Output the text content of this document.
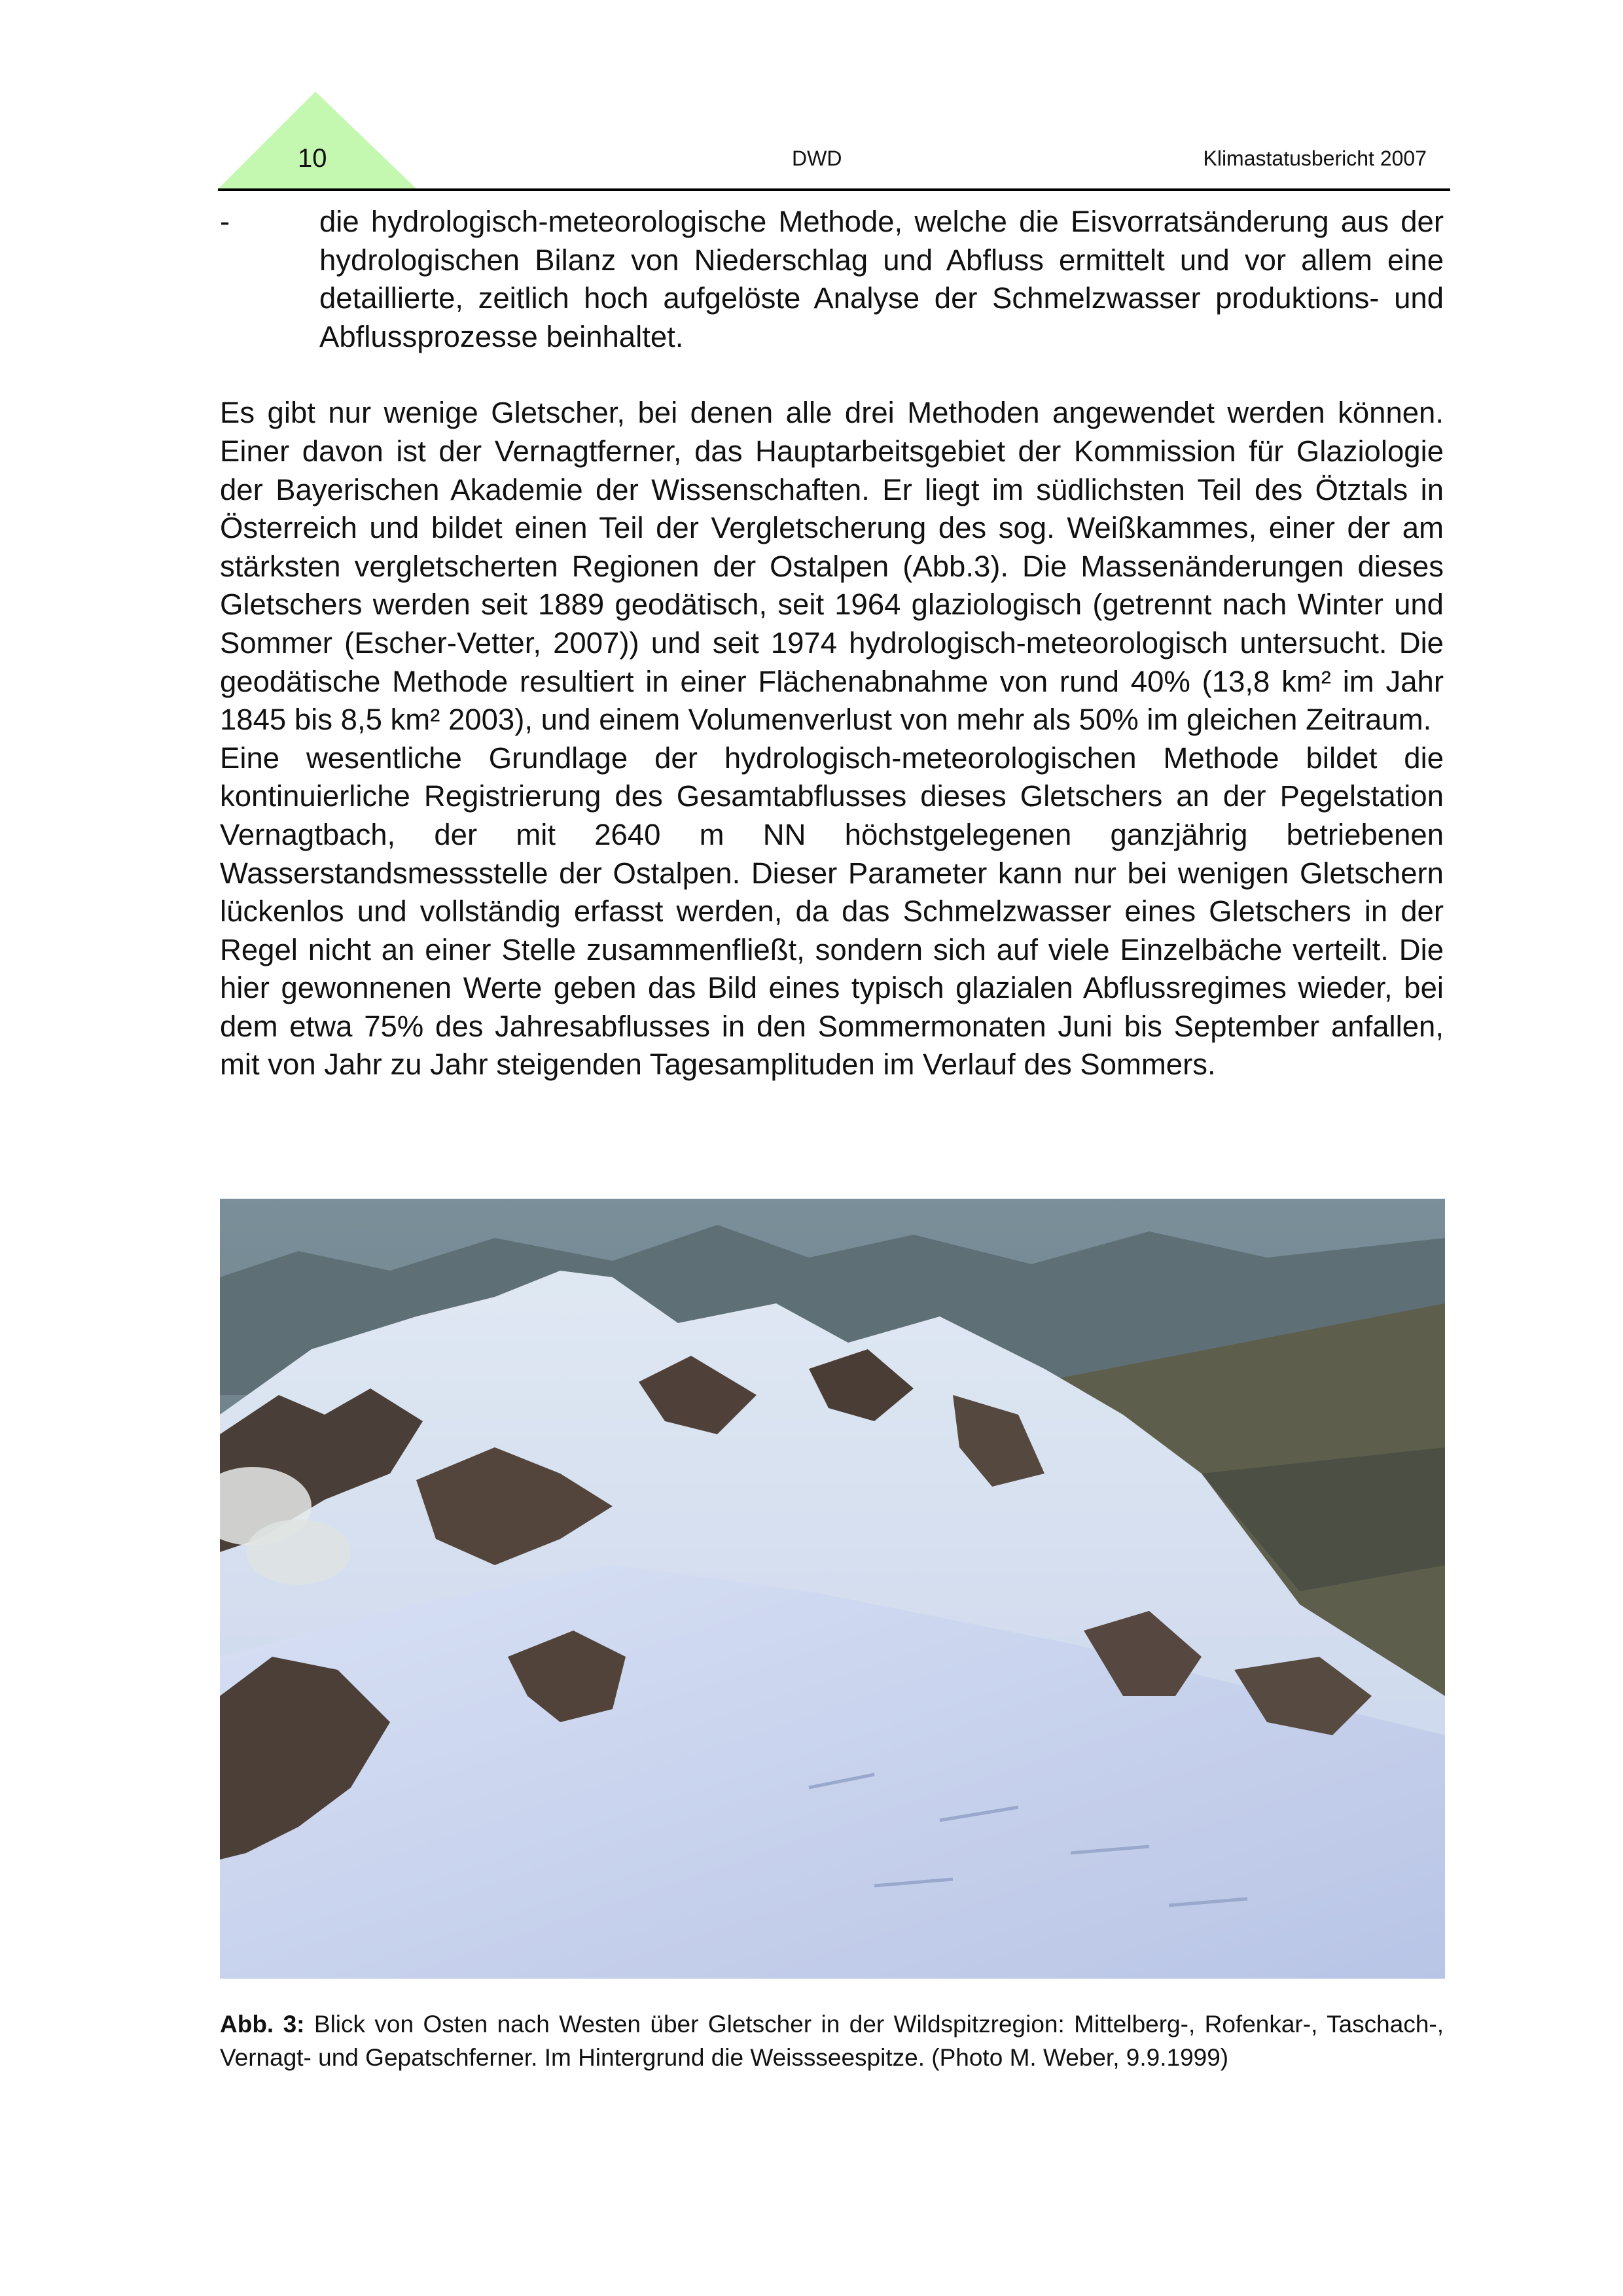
10	DWD	Klimastatusbericht 2007
-	die hydrologisch-meteorologische Methode, welche die Eisvorratsänderung aus der hydrologischen Bilanz von Niederschlag und Abfluss ermittelt und vor allem eine detaillierte, zeitlich hoch aufgelöste Analyse der Schmelzwasser produktions- und Abflussprozesse beinhaltet.

Es gibt nur wenige Gletscher, bei denen alle drei Methoden angewendet werden können. Einer davon ist der Vernagtferner, das Hauptarbeitsgebiet der Kommission für Glaziologie der Bayerischen Akademie der Wissenschaften. Er liegt im südlichsten Teil des Ötztals in Österreich und bildet einen Teil der Vergletscherung des sog. Weißkammes, einer der am stärksten vergletscherten Regionen der Ostalpen (Abb.3). Die Massenänderungen dieses Gletschers werden seit 1889 geodätisch, seit 1964 glaziologisch (getrennt nach Winter und Sommer (Escher-Vetter, 2007)) und seit 1974 hydrologisch-meteorologisch untersucht. Die geodätische Methode resultiert in einer Flächenabnahme von rund 40% (13,8 km² im Jahr 1845 bis 8,5 km² 2003), und einem Volumenverlust von mehr als 50% im gleichen Zeitraum.

Eine wesentliche Grundlage der hydrologisch-meteorologischen Methode bildet die kontinuierliche Registrierung des Gesamtabflusses dieses Gletschers an der Pegelstation Vernagtbach, der mit 2640 m NN höchstgelegenen ganzjährig betriebenen Wasserstandsmessstelle der Ostalpen. Dieser Parameter kann nur bei wenigen Gletschern lückenlos und vollständig erfasst werden, da das Schmelzwasser eines Gletschers in der Regel nicht an einer Stelle zusammenfließt, sondern sich auf viele Einzelbäche verteilt. Die hier gewonnenen Werte geben das Bild eines typisch glazialen Abflussregimes wieder, bei dem etwa 75% des Jahresabflusses in den Sommermonaten Juni bis September anfallen, mit von Jahr zu Jahr steigenden Tagesamplituden im Verlauf des Sommers.

Abb. 3: Blick von Osten nach Westen über Gletscher in der Wildspitzregion: Mittelberg-, Rofenkar-, Taschach-, Vernagt- und Gepatschferner. Im Hintergrund die Weissseespitze. (Photo M. Weber, 9.9.1999)
